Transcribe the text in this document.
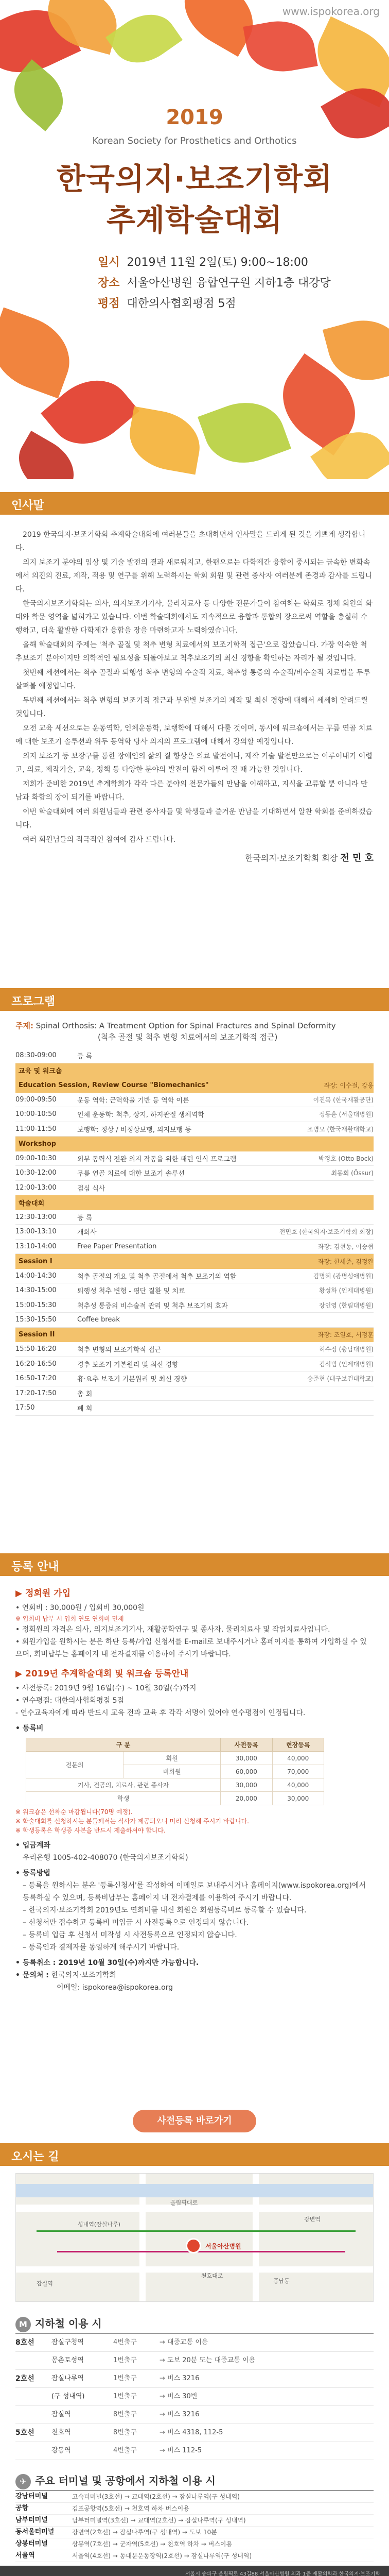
www.ispokorea.org
2019
Korean Society for Prosthetics and Orthotics
한국의지·보조기학회
추계학술대회
일시 2019년 11월 2일(토) 9:00~18:00
장소 서울아산병원 융합연구원 지하1층 대강당
평점 대한의사협회평점 5점
인사말

2019 한국의지·보조기학회 추계학술대회에 여러분들을 초대하면서 인사말을 드리게 된 것을 기쁘게 생각합니다.

의지 보조기 분야의 임상 및 기술 발전의 결과 새로워지고, 한편으로는 다학제간 융합이 중시되는 급속한 변화속에서 의진의 진료, 제작, 적용 및 연구를 위해 노력하시는 학회 회원 및 관련 종사자 여러분께 존경과 감사를 드립니다.

한국의지보조기학회는 의사, 의지보조기기사, 물리치료사 등 다양한 전문가들이 참여하는 학회로 정체 회원의 화대와 학문 영역을 넓혀가고 있습니다. 이번 학술대회에서도 지속적으로 융합과 통합의 장으로써 역할을 충실히 수행하고, 더욱 활발한 다학제간 융합을 장을 마련하고자 노력하였습니다.

올해 학술대회의 주제는 '척추 골절 및 척추 변형 치료에서의 보조기학적 접근'으로 잡았습니다. 가장 익숙한 척추보조기 분야이지만 의학적인 필요성을 되돌아보고 척추보조기의 최신 경향을 확인하는 자리가 될 것입니다.

첫번째 세션에서는 척추 골절과 퇴행성 척추 변형의 수술적 치료, 척추성 통증의 수술적/비수술적 치료법을 두루 살펴볼 예정입니다.

두번째 세션에서는 척추 변형의 보조기적 접근과 부위별 보조기의 제작 및 최신 경향에 대해서 세세히 알려드릴 것입니다.

오전 교육 세션으로는 운동역학, 인체운동학, 보행학에 대해서 다룰 것이며, 동시에 워크숍에서는 무릎 연골 치료에 대한 보조기 솔루션과 위두 동역학 당사 의지의 프로그램에 대해서 강의할 예정입니다.

의지 보조기 등 보장구를 통한 장애인의 삶의 질 향상은 의료 발전이나, 제작 기술 발전만으로는 이루어내기 어렵고, 의료, 제작기술, 교육, 정책 등 다양한 분야의 발전이 함께 이루어 질 때 가능할 것입니다.

저희가 준비한 2019년 추계학회가 각각 다른 분야의 전문가들의 만남을 이해하고, 지식을 교류할 뿐 아니라 만남과 화합의 장이 되기를 바랍니다.

이번 학술대회에 여러 회원님들과 관련 종사자들 및 학생들과 즐거운 만남을 기대하면서 알찬 학회를 준비하겠습니다.

여러 회원님들의 적극적인 참여에 감사 드립니다.

한국의지·보조기학회 회장 전 민 호
프로그램
주제: Spinal Orthosis: A Treatment Option for Spinal Fractures and Spinal Deformity
(척추 골절 및 척추 변형 치료에서의 보조기학적 접근)
08:30-09:00	등 록
교육 및 워크숍
Education Session, Review Course "Biomechanics"	좌장: 이수걸, 강웅
09:00-09:50	운동 역학: 근력학을 기반 등 역학 이론	이진복 (한국재활공단)
10:00-10:50	인체 운동학: 척추, 상지, 하지관절 생체역학	정동훈 (서울대병원)
11:00-11:50	보행학: 정상 / 비정상보행, 의지보행 등	조병모 (한국재활대학교)
Workshop
09:00-10:30	외부 동력식 전완 의지 작동을 위한 패턴 인식 프로그램	박정호 (Otto Bock)
10:30-12:00	무릎 연골 치료에 대한 보조기 솔루션	최동회 (Össur)
12:00-13:00	점심 식사
학술대회
12:30-13:00	등 록
13:00-13:10	개회사	전민호 (한국의지·보조기학회 회장)
13:10-14:00	Free Paper Presentation	좌장: 김현동, 이승협
Session I	좌장: 한세준, 김정완
14:00-14:30	척추 골절의 개요 및 척추 골절에서 척추 보조기의 역할	김명혜 (광명성애병원)
14:30-15:00	퇴행성 척추 변형 - 평단 질환 및 치료	황성화 (인제대병원)
15:00-15:30	척추성 통증의 비수술적 관리 및 척추 보조기의 효과	장인영 (한림대병원)
15:30-15:50	Coffee break
Session II	좌장: 조일호, 서정훈
15:50-16:20	척추 변형의 보조기학적 접근	허수정 (충남대병원)
16:20-16:50	경추 보조기 기본원리 및 최신 경향	김석범 (인제대병원)
16:50-17:20	흉·요추 보조기 기본원리 및 최신 경향	송준현 (대구보건대학교)
17:20-17:50	총 회
17:50	폐 회
등록 안내
▶ 정회원 가입
• 연회비 : 30,000원 / 입회비 30,000원
※ 입회비 납부 시 입회 연도 연회비 면제
• 정회원의 자격은 의사, 의지보조기기사, 재활공학연구 및 종사자, 물리치료사 및 작업치료사입니다.
• 회원가입을 원하시는 분은 하단 등록/가입 신청서를 E-mail로 보내주시거나 홈페이지를 통하여 가입하실 수 있으며, 회비납부는 홈페이지 내 전자결제를 이용하여 주시기 바랍니다.
▶ 2019년 추계학술대회 및 워크숍 등록안내
• 사전등록: 2019년 9월 16일(수) ~ 10월 30일(수)까지
• 연수평점: 대한의사협회평점 5점
- 연수교육자에게 따라 반드시 교육 전과 교육 후 각각 서명이 있어야 연수평점이 인정됩니다.
• 등록비
구 분		사전등록	현장등록
전문의	회원	30,000	40,000
	비회원	60,000	70,000
기사, 전공의, 치료사, 관련 종사자		30,000	40,000
학생		20,000	30,000
※ 워크숍은 선착순 마감됩니다(70명 예정).
※ 학술대회를 신청하시는 분들께서는 식사가 제공되오니 미리 신청해 주시기 바랍니다.
※ 학생등록은 학생증 사본을 반드시 제출하셔야 합니다.
• 입금계좌
우리은행 1005-402-408070 (한국의지보조기학회)
• 등록방법
– 등록을 원하시는 분은 '등록신청서'를 작성하여 이메일로 보내주시거나 홈페이지(www.ispokorea.org)에서 등록하실 수 있으며, 등록비납부는 홈페이지 내 전자결제를 이용하여 주시기 바랍니다.
– 한국의지·보조기학회 2019년도 연회비를 내신 회원은 회원등록비로 등록할 수 있습니다.
– 신청서만 접수하고 등록비 미입금 시 사전등록으로 인정되지 않습니다.
– 등록비 입금 후 신청서 미작성 시 사전등록으로 인정되지 않습니다.
– 등록인과 결제자를 동일하게 해주시기 바랍니다.
• 등록취소 : 2019년 10월 30일(수)까지만 가능합니다.
• 문의처 : 한국의지·보조기학회
이메일: ispokorea@ispokorea.org
사전등록 바로가기
오시는 길
잠실역
올림픽대로
강변역
성내역(잠실나루)
풍납동
천호대로
서울아산병원
M 지하철 이용 시
8호선	잠실구청역	4번출구	→ 대중교통 이용
몽촌토성역	1번출구	→ 도보 20분 또는 대중교통 이용
2호선	잠실나루역	1번출구	→ 버스 3216
(구 성내역)	1번출구	→ 버스 30번
잠실역	8번출구	→ 버스 3216
5호선	천호역	8번출구	→ 버스 4318, 112-5
강동역	4번출구	→ 버스 112-5
✈ 주요 터미널 및 공항에서 지하철 이용 시
강남터미널	고속터미널(3호선) → 교대역(2호선) → 잠실나루역(구 성내역)
공항	김포공항역(5호선) → 천호역 하차 버스이용
남부터미널	남부터미널역(3호선) → 교대역(2호선) → 잠실나루역(구 성내역)
동서울터미널	강변역(2호선) → 잠실나루역(구 성내역) → 도보 10분
상봉터미널	상봉역(7호선) → 군자역(5호선) → 천호역 하차 → 버스이용
서울역	서울역(4호선) → 동대문운동장역(2호선) → 잠실나루역(구 성내역)
서울시 송파구 올림픽로 43길88 서울아산병원 의과 1층 재활의학과 한국의지·보조기학
